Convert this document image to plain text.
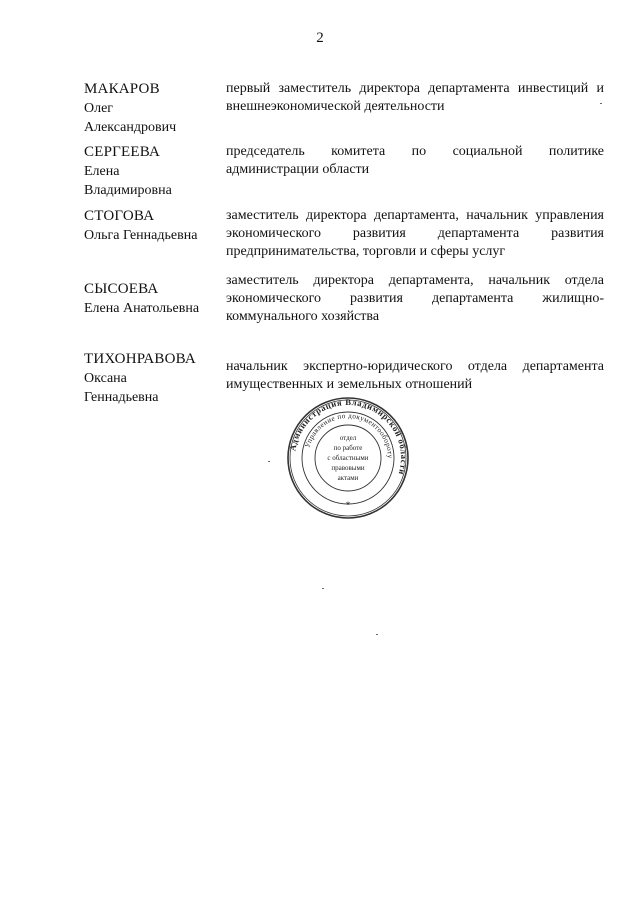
2
МАКАРОВ
Олег
Александрович
первый заместитель директора департамента инвестиций и внешнеэкономической деятельности
СЕРГЕЕВА
Елена
Владимировна
председатель комитета по социальной политике администрации области
СТОГОВА
Ольга Геннадьевна
заместитель директора департамента, начальник управления экономического развития департамента развития предпринимательства, торговли и сферы услуг
СЫСОЕВА
Елена Анатольевна
заместитель директора департамента, начальник отдела экономического развития департамента жилищно-коммунального хозяйства
ТИХОНРАВОВА
Оксана
Геннадьевна
начальник экспертно-юридического отдела департамента имущественных и земельных отношений
Администрация Владимирской области
Управление по документообороту
отдел
по работе
с областными
правовыми
актами
*
